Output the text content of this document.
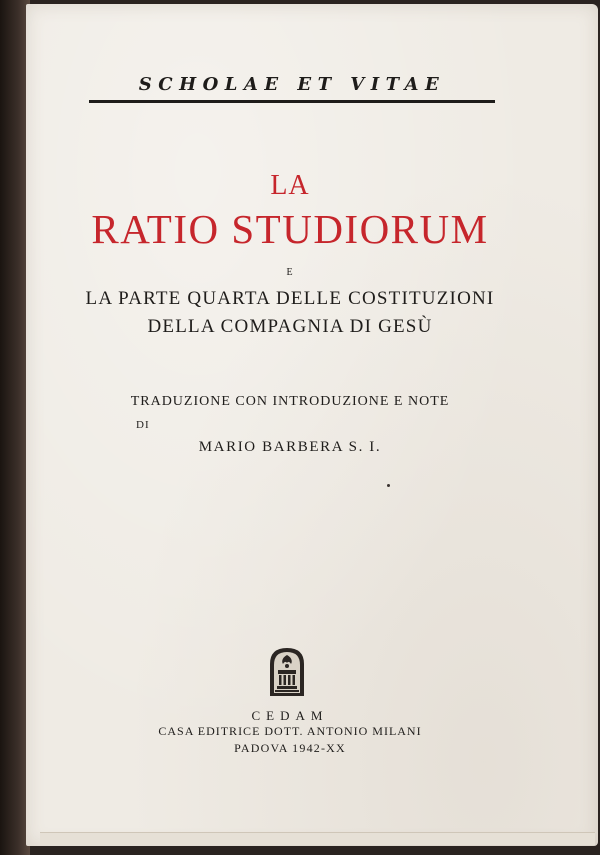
SCHOLAE ET VITAE
LA
RATIO STUDIORUM
E
LA PARTE QUARTA DELLE COSTITUZIONI
DELLA COMPAGNIA DI GESÙ
TRADUZIONE CON INTRODUZIONE E NOTE
DI
MARIO BARBERA S. I.
CEDAM
CASA EDITRICE DOTT. ANTONIO MILANI
PADOVA 1942-XX
